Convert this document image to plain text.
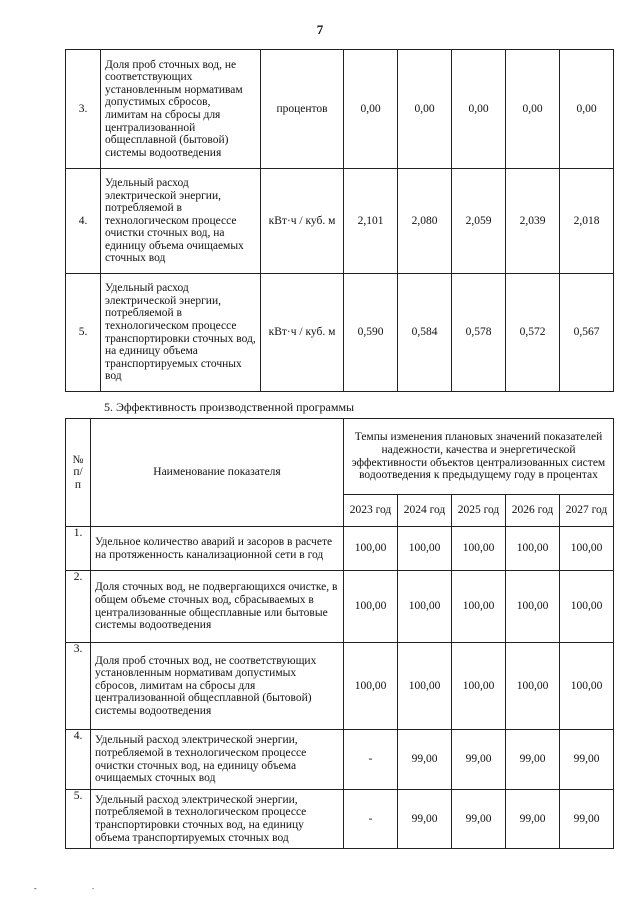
7
3.	Доля проб сточных вод, не соответствующих установленным нормативам допустимых сбросов, лимитам на сбросы для централизованной общесплавной (бытовой) системы водоотведения	процентов	0,00	0,00	0,00	0,00	0,00
4.	Удельный расход электрической энергии, потребляемой в технологическом процессе очистки сточных вод, на единицу объема очищаемых сточных вод	кВт·ч / куб. м	2,101	2,080	2,059	2,039	2,018
5.	Удельный расход электрической энергии, потребляемой в технологическом процессе транспортировки сточных вод, на единицу объема транспортируемых сточных вод	кВт·ч / куб. м	0,590	0,584	0,578	0,572	0,567
5. Эффективность производственной программы
№ п/ п	Наименование показателя	Темпы изменения плановых значений показателей надежности, качества и энергетической эффективности объектов централизованных систем водоотведения к предыдущему году в процентах				
		2023 год	2024 год	2025 год	2026 год	2027 год
1.	Удельное количество аварий и засоров в расчете на протяженность канализационной сети в год	100,00	100,00	100,00	100,00	100,00
2.	Доля сточных вод, не подвергающихся очистке, в общем объеме сточных вод, сбрасываемых в централизованные общесплавные или бытовые системы водоотведения	100,00	100,00	100,00	100,00	100,00
3.	Доля проб сточных вод, не соответствующих установленным нормативам допустимых сбросов, лимитам на сбросы для централизованной общесплавной (бытовой) системы водоотведения	100,00	100,00	100,00	100,00	100,00
4.	Удельный расход электрической энергии, потребляемой в технологическом процессе очистки сточных вод, на единицу объема очищаемых сточных вод	-	99,00	99,00	99,00	99,00
5.	Удельный расход электрической энергии, потребляемой в технологическом процессе транспортировки сточных вод, на единицу объема транспортируемых сточных вод	-	99,00	99,00	99,00	99,00
-	.
